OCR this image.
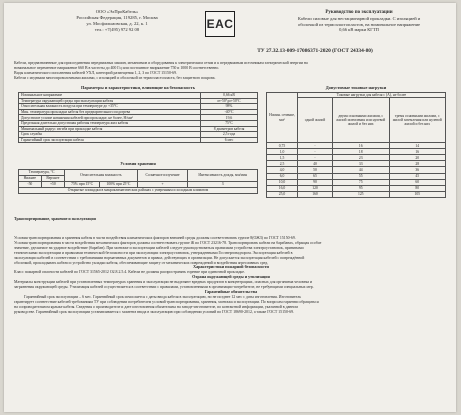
ООО «ЭлПроКабель»
Российская Федерация, 119285, г. Москва
ул. Мосфильмовская, д. 22, к. 1
тел.: +7(495) 972 92 08	EAC
Руководство по эксплуатации
Кабели силовые для нестационарной прокладки. С изоляцией и
оболочкой из термоэластопластов, на номинальное напряжение
0,66 кВ марки КГТП
ТУ 27.32.13-009-17086371-2020 (ГОСТ 24334-80)
Кабели, предназначенные для присоединения передвижных машин, механизмов и оборудования к электрическим сетям и к передвижным источникам электрической энергии на
номинальное переменное напряжение 660 В в частоты до 400 Гц или постоянное напряжение 750 и 1000 В соответственно.
Виды климатического исполнения кабелей УХЛ, категорий размещения 1, 2, 3 по ГОСТ 15150-69.
Кабели с медными многопроволочными жилами, с изоляцией и оболочкой из термоэластопласта, без защитного покрова.
Параметры и характеристики, влияющие на безопасность
Номинальное напряжение	0,66 кВ
Температура окружающей среды при эксплуатации кабеля	от-50°до+50°С
Относительная влажность воздуха при температуре до +35°С	98%
Мин. температура прокладки кабеля без предварительного подогрева	-40°С
Допустимое усилие натяжения кабелей при прокладке, не более, Н/мм²	19,6
Предельная длительно допустимая рабочая температура жил кабеля	75°С
Минимальный радиус изгиба при прокладке кабеля	8 диаметров кабеля
Срок службы	2,5 года
Гарантийный срок эксплуатации кабеля	6 мес
Условия хранения
Температура, °С		Относительная влажность		Солнечное излучение	Интенсивность дождя, мм/мин
Нижнее	Верхнее				
-50	+50	75% при 15°С	100% при 25°С	+	3
Открытые площадки в макроклиматических районах с умеренным и холодным климатом					
Допустимые токовые нагрузки
Номин. сечение, мм²	Токовые нагрузки для кабеля с (А), не более		
	одной жилой	двумя основными жилами, с жилой заземления или нулевой жилой и без них	тремя основными жилами, с жилой заземления или нулевой жилой и без них
0,75	-	16	14
1,0	-	18	16
1,5	-	23	20
2,5	40	33	28
4,0	50	44	36
6,0	65	55	45
10,0	90	75	60
16,0	120	95	80
25,0	160	125	105
Транспортирование, хранение и эксплуатация
Условия транспортирования и хранения кабеля в части воздействия климатических факторов внешней среды должны соответствовать группе 8(ОЖ3) по ГОСТ 15150-69.
Условия транспортирования в части воздействия механических факторов должны соответствовать группе Ж по ГОСТ 23216-78. Транспортировать кабели на барабанах, обращая особое
значение, уделяемое на ударное воздействие (барабан). При монтаже и эксплуатации кабелей следует руководствоваться правилами устройства электроустановок, принятыми
техническими эксплуатации и правилами технической безопасности при эксплуатации электроустановок, утвержденными Госэнергонадзором. Эксплуатация кабелей в
эксплуатации кабелей в соответствии с требованиями нормативных документов и правил, действующих в организации. Не допускается эксплуатация кабелей с повреждённой
оболочкой, прокладывать кабели и устройство укладки кабеля, обеспечивающие защиту от механических повреждений и воздействия агрессивных сред.
Характеристики пожарной безопасности
Класс пожарной опасности кабелей по ГОСТ 31565-2012 О2.8.2.5.4. Кабели не должны распространять горение при одиночной прокладке.
Охрана окружающей среды и утилизация
Материалы конструкции кабелей при установленных температурах хранения и эксплуатации не выделяют вредных продуктов в концентрациях, опасных для организма человека и
загрязнения окружающей среды. Утилизация кабелей осуществляется в соответствии с правилами, установленными в организации-потребителе, не требующими специальных мер.
Гарантийные обязательства
Гарантийный срок эксплуатации – 6 мес. Гарантийный срок исчисляется с даты ввода кабеля в эксплуатацию, но не позднее 12 мес с даты изготовления. Изготовитель
гарантирует соответствие кабелей требованиям ТУ при соблюдении потребителем условий транспортирования, хранения, монтажа и эксплуатации. По вопросам гарантии обращаться
на сопроводительном ярлыке кабеля. Сведения о производителе и дате изготовления обязательны на заводе-изготовителе, по контактной информации, указанной в данном
руководстве. Гарантийный срок эксплуатации устанавливается с момента ввода в эксплуатацию при соблюдении условий по ГОСТ 18690-2012, а также ГОСТ 15150-69.
